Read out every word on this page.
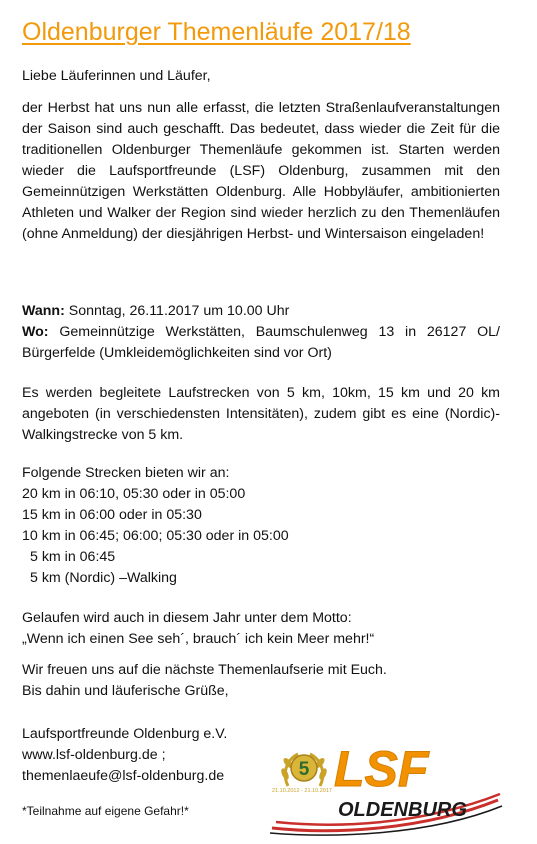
Oldenburger Themenläufe 2017/18
Liebe Läuferinnen und Läufer,
der Herbst hat uns nun alle erfasst, die letzten Straßenlaufveranstaltungen der Saison sind auch geschafft. Das bedeutet, dass wieder die Zeit für die traditionellen Oldenburger Themenläufe gekommen ist. Starten werden wieder die Laufsportfreunde (LSF) Oldenburg, zusammen mit den Gemeinnützigen Werkstätten Oldenburg. Alle Hobbyläufer, ambitionierten Athleten und Walker der Region sind wieder herzlich zu den Themenläufen (ohne Anmeldung) der diesjährigen Herbst- und Wintersaison eingeladen!
Wann: Sonntag, 26.11.2017 um 10.00 Uhr
Wo: Gemeinnützige Werkstätten, Baumschulenweg 13 in 26127 OL/ Bürgerfelde (Umkleidemöglichkeiten sind vor Ort)
Es werden begleitete Laufstrecken von 5 km, 10km, 15 km und 20 km angeboten (in verschiedensten Intensitäten), zudem gibt es eine (Nordic)-Walkingstrecke von 5 km.
Folgende Strecken bieten wir an:
20 km in 06:10, 05:30 oder in 05:00
15 km in 06:00 oder in 05:30
10 km in 06:45; 06:00; 05:30 oder in 05:00
5 km in 06:45
5 km (Nordic) –Walking
Gelaufen wird auch in diesem Jahr unter dem Motto:
„Wenn ich einen See seh´, brauch´ ich kein Meer mehr!“
Wir freuen uns auf die nächste Themenlaufserie mit Euch.
Bis dahin und läuferische Grüße,
Laufsportfreunde Oldenburg e.V.
www.lsf-oldenburg.de ;
themenlaeufe@lsf-oldenburg.de
*Teilnahme auf eigene Gefahr!*
5
21.10.2012 - 21.10.2017 LSF
OLDENBURG
